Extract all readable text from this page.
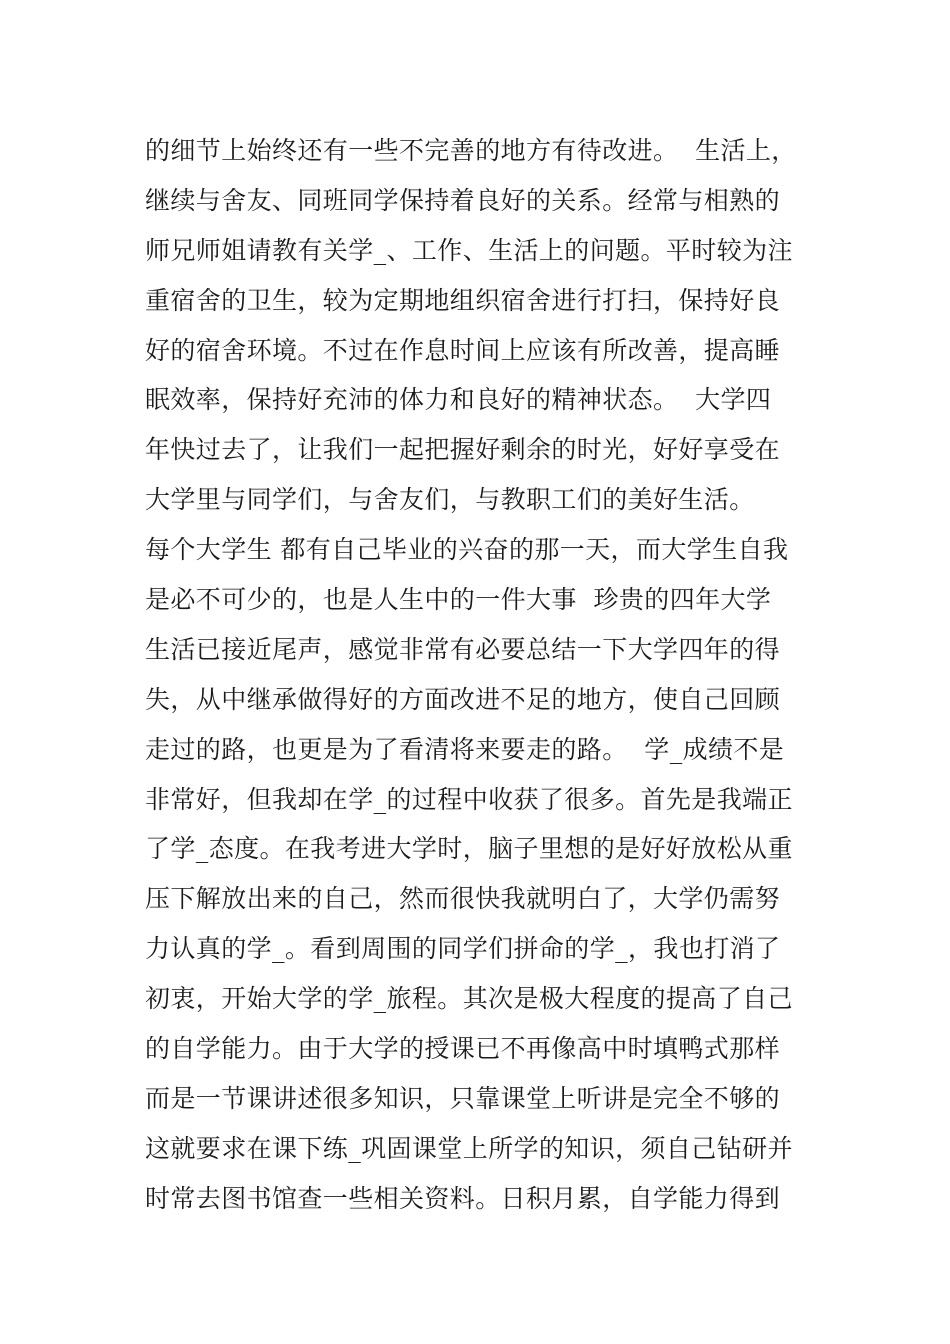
的细节上始终还有一些不完善的地方有待改进。  生活上，
继续与舍友、同班同学保持着良好的关系。经常与相熟的
师兄师姐请教有关学_、工作、生活上的问题。平时较为注
重宿舍的卫生，较为定期地组织宿舍进行打扫，保持好良
好的宿舍环境。不过在作息时间上应该有所改善，提高睡
眠效率，保持好充沛的体力和良好的精神状态。  大学四
年快过去了，让我们一起把握好剩余的时光，好好享受在
大学里与同学们，与舍友们，与教职工们的美好生活。
每个大学生 都有自己毕业的兴奋的那一天，而大学生自我
是必不可少的，也是人生中的一件大事  珍贵的四年大学
生活已接近尾声，感觉非常有必要总结一下大学四年的得
失，从中继承做得好的方面改进不足的地方，使自己回顾
走过的路，也更是为了看清将来要走的路。  学_成绩不是
非常好，但我却在学_的过程中收获了很多。首先是我端正
了学_态度。在我考进大学时，脑子里想的是好好放松从重
压下解放出来的自己，然而很快我就明白了，大学仍需努
力认真的学_。看到周围的同学们拼命的学_，我也打消了
初衷，开始大学的学_旅程。其次是极大程度的提高了自己
的自学能力。由于大学的授课已不再像高中时填鸭式那样
而是一节课讲述很多知识，只靠课堂上听讲是完全不够的
这就要求在课下练_巩固课堂上所学的知识，须自己钻研并
时常去图书馆查一些相关资料。日积月累，自学能力得到
